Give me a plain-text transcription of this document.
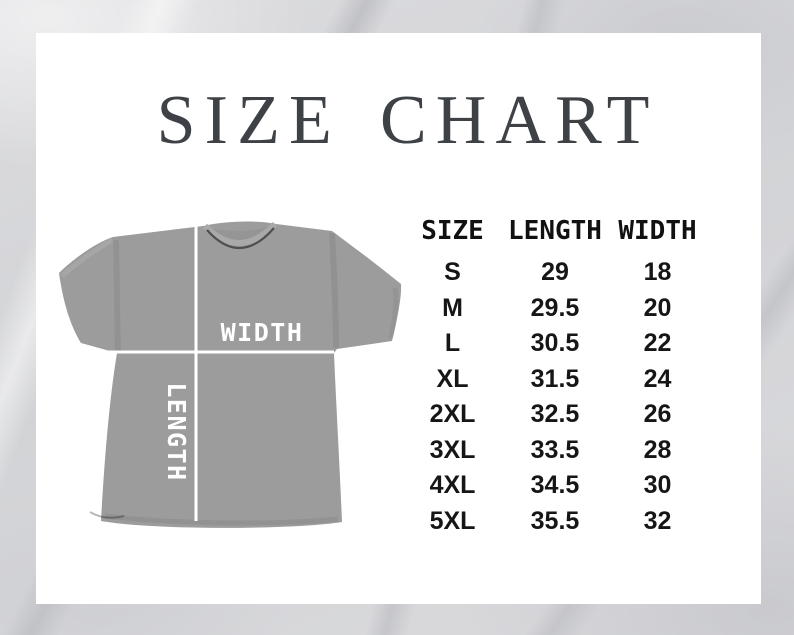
SIZE CHART
WIDTH
LENGTH
SIZE LENGTH WIDTH
S	29	18
M	29.5	20
L	30.5	22
XL	31.5	24
2XL	32.5	26
3XL	33.5	28
4XL	34.5	30
5XL	35.5	32
